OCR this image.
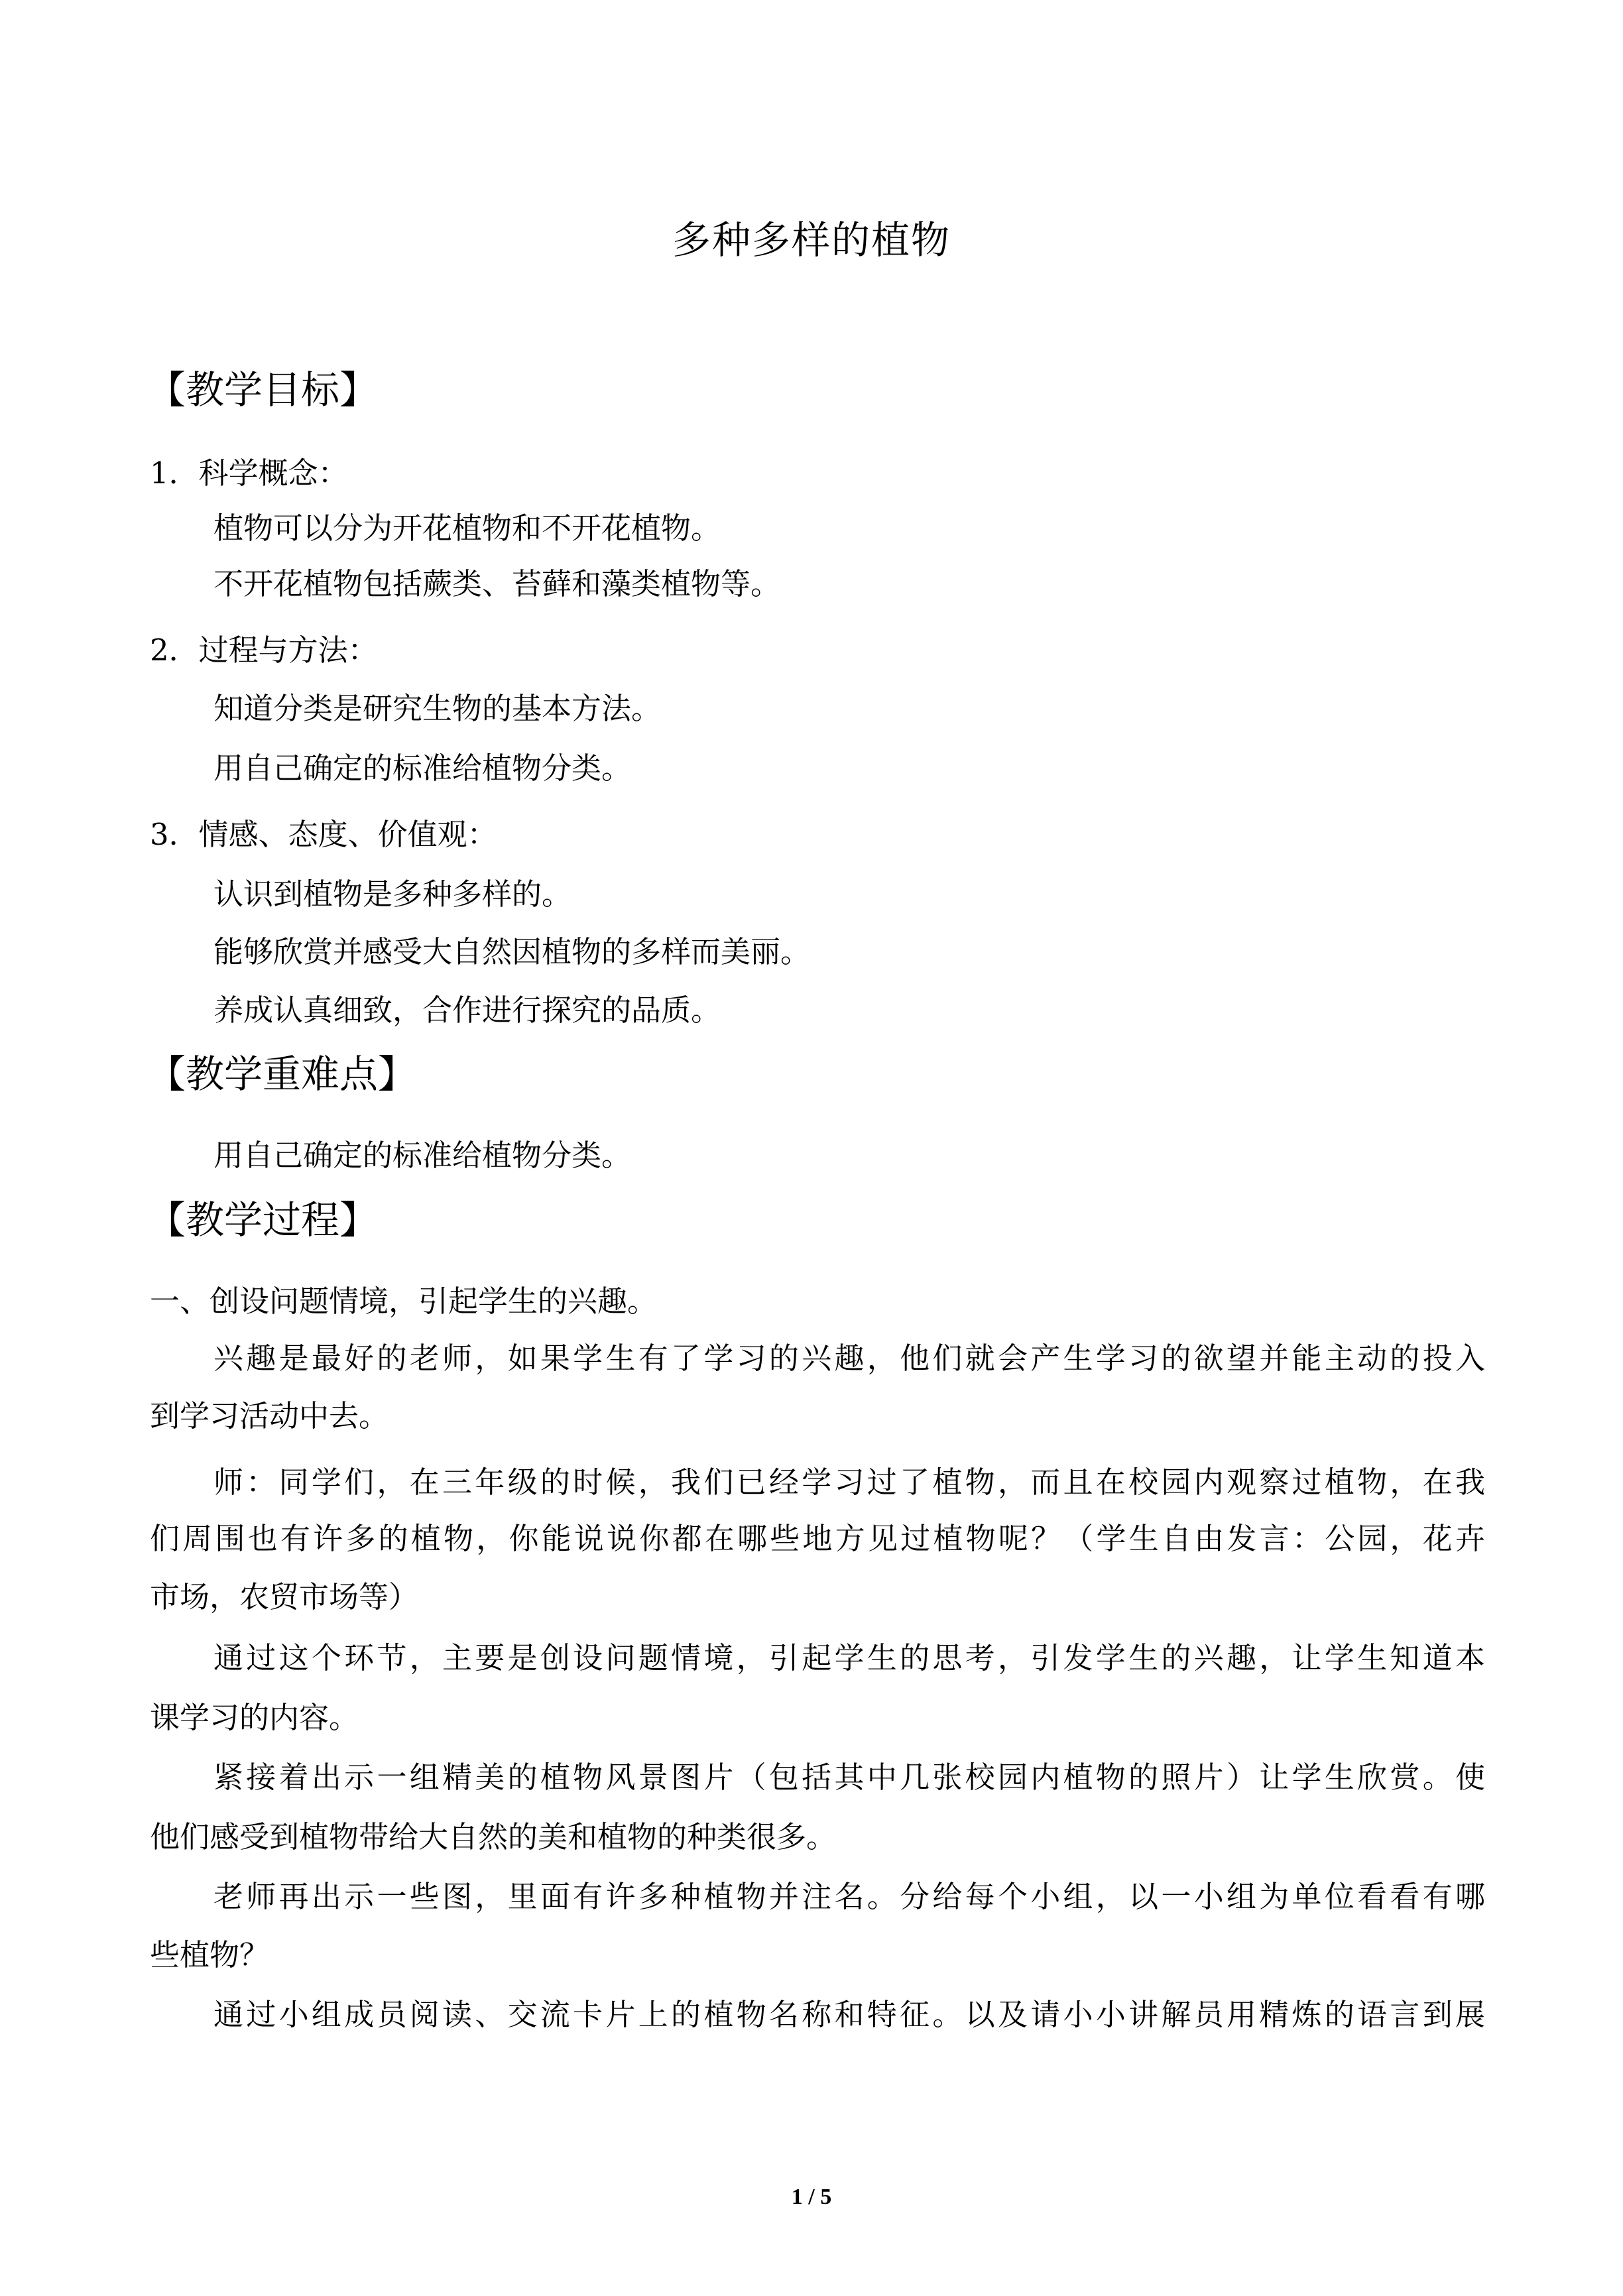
多种多样的植物
【教学目标】
1．科学概念：
植物可以分为开花植物和不开花植物。
不开花植物包括蕨类、苔藓和藻类植物等。
2．过程与方法：
知道分类是研究生物的基本方法。
用自己确定的标准给植物分类。
3．情感、态度、价值观：
认识到植物是多种多样的。
能够欣赏并感受大自然因植物的多样而美丽。
养成认真细致，合作进行探究的品质。
【教学重难点】
用自己确定的标准给植物分类。
【教学过程】
一、创设问题情境，引起学生的兴趣。
兴趣是最好的老师，如果学生有了学习的兴趣，他们就会产生学习的欲望并能主动的投入
到学习活动中去。
师：同学们，在三年级的时候，我们已经学习过了植物，而且在校园内观察过植物，在我
们周围也有许多的植物，你能说说你都在哪些地方见过植物呢？（学生自由发言：公园，花卉
市场，农贸市场等）
通过这个环节，主要是创设问题情境，引起学生的思考，引发学生的兴趣，让学生知道本
课学习的内容。
紧接着出示一组精美的植物风景图片（包括其中几张校园内植物的照片）让学生欣赏。使
他们感受到植物带给大自然的美和植物的种类很多。
老师再出示一些图，里面有许多种植物并注名。分给每个小组，以一小组为单位看看有哪
些植物？
通过小组成员阅读、交流卡片上的植物名称和特征。以及请小小讲解员用精炼的语言到展
1 / 5
